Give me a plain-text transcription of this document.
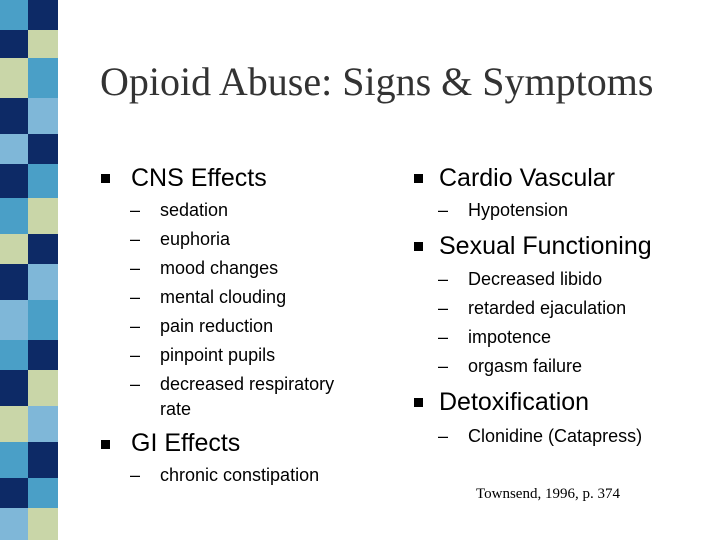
Opioid Abuse: Signs & Symptoms
CNS Effects
– sedation
– euphoria
– mood changes
– mental clouding
– pain reduction
– pinpoint pupils
– decreased respiratory
rate
GI Effects
– chronic constipation
Cardio Vascular
– Hypotension
Sexual Functioning
– Decreased libido
– retarded ejaculation
– impotence
– orgasm failure
Detoxification
– Clonidine (Catapress)
Townsend, 1996, p. 374
